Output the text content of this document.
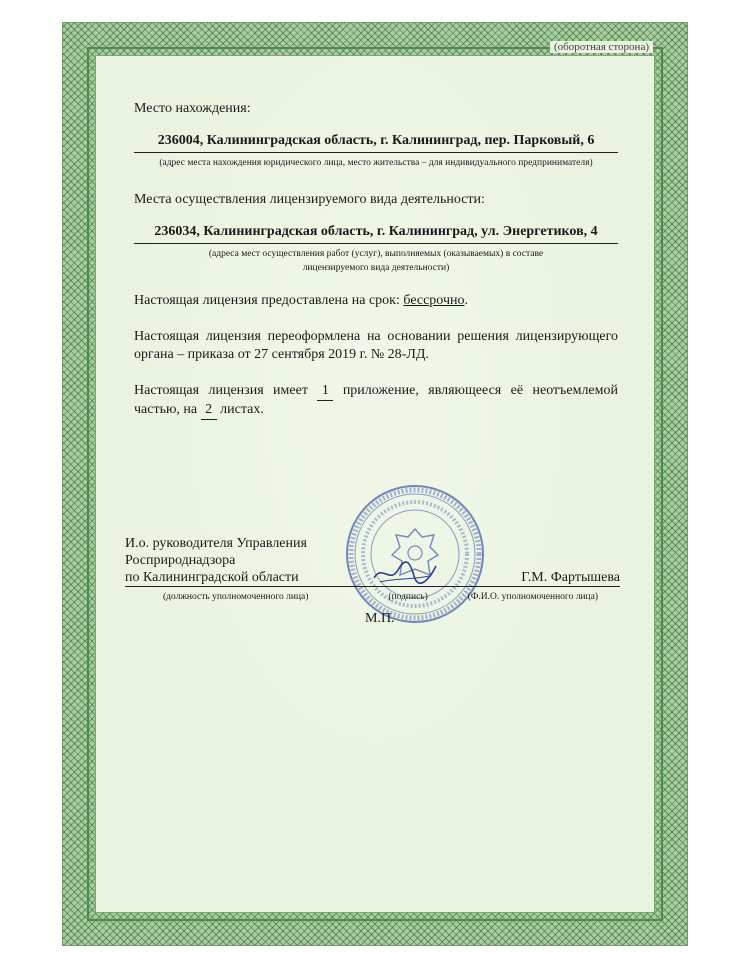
(оборотная сторона)

Место нахождения:

236004, Калининградская область, г. Калининград, пер. Парковый, 6
(адрес места нахождения юридического лица, место жительства – для индивидуального предпринимателя)

Места осуществления лицензируемого вида деятельности:

236034, Калининградская область, г. Калининград, ул. Энергетиков, 4
(адреса мест осуществления работ (услуг), выполняемых (оказываемых) в составе
лицензируемого вида деятельности)

Настоящая лицензия предоставлена на срок: бессрочно.

Настоящая лицензия переоформлена на основании решения лицензирующего органа – приказа от 27 сентября 2019 г. № 28-ЛД.

Настоящая лицензия имеет 1 приложение, являющееся её неотъемлемой частью, на 2 листах.

И.о. руководителя Управления
Росприроднадзора
по Калининградской области	Г.М. Фартышева
(должность уполномоченного лица)	(подпись)	(Ф.И.О. уполномоченного лица)
М.П.
